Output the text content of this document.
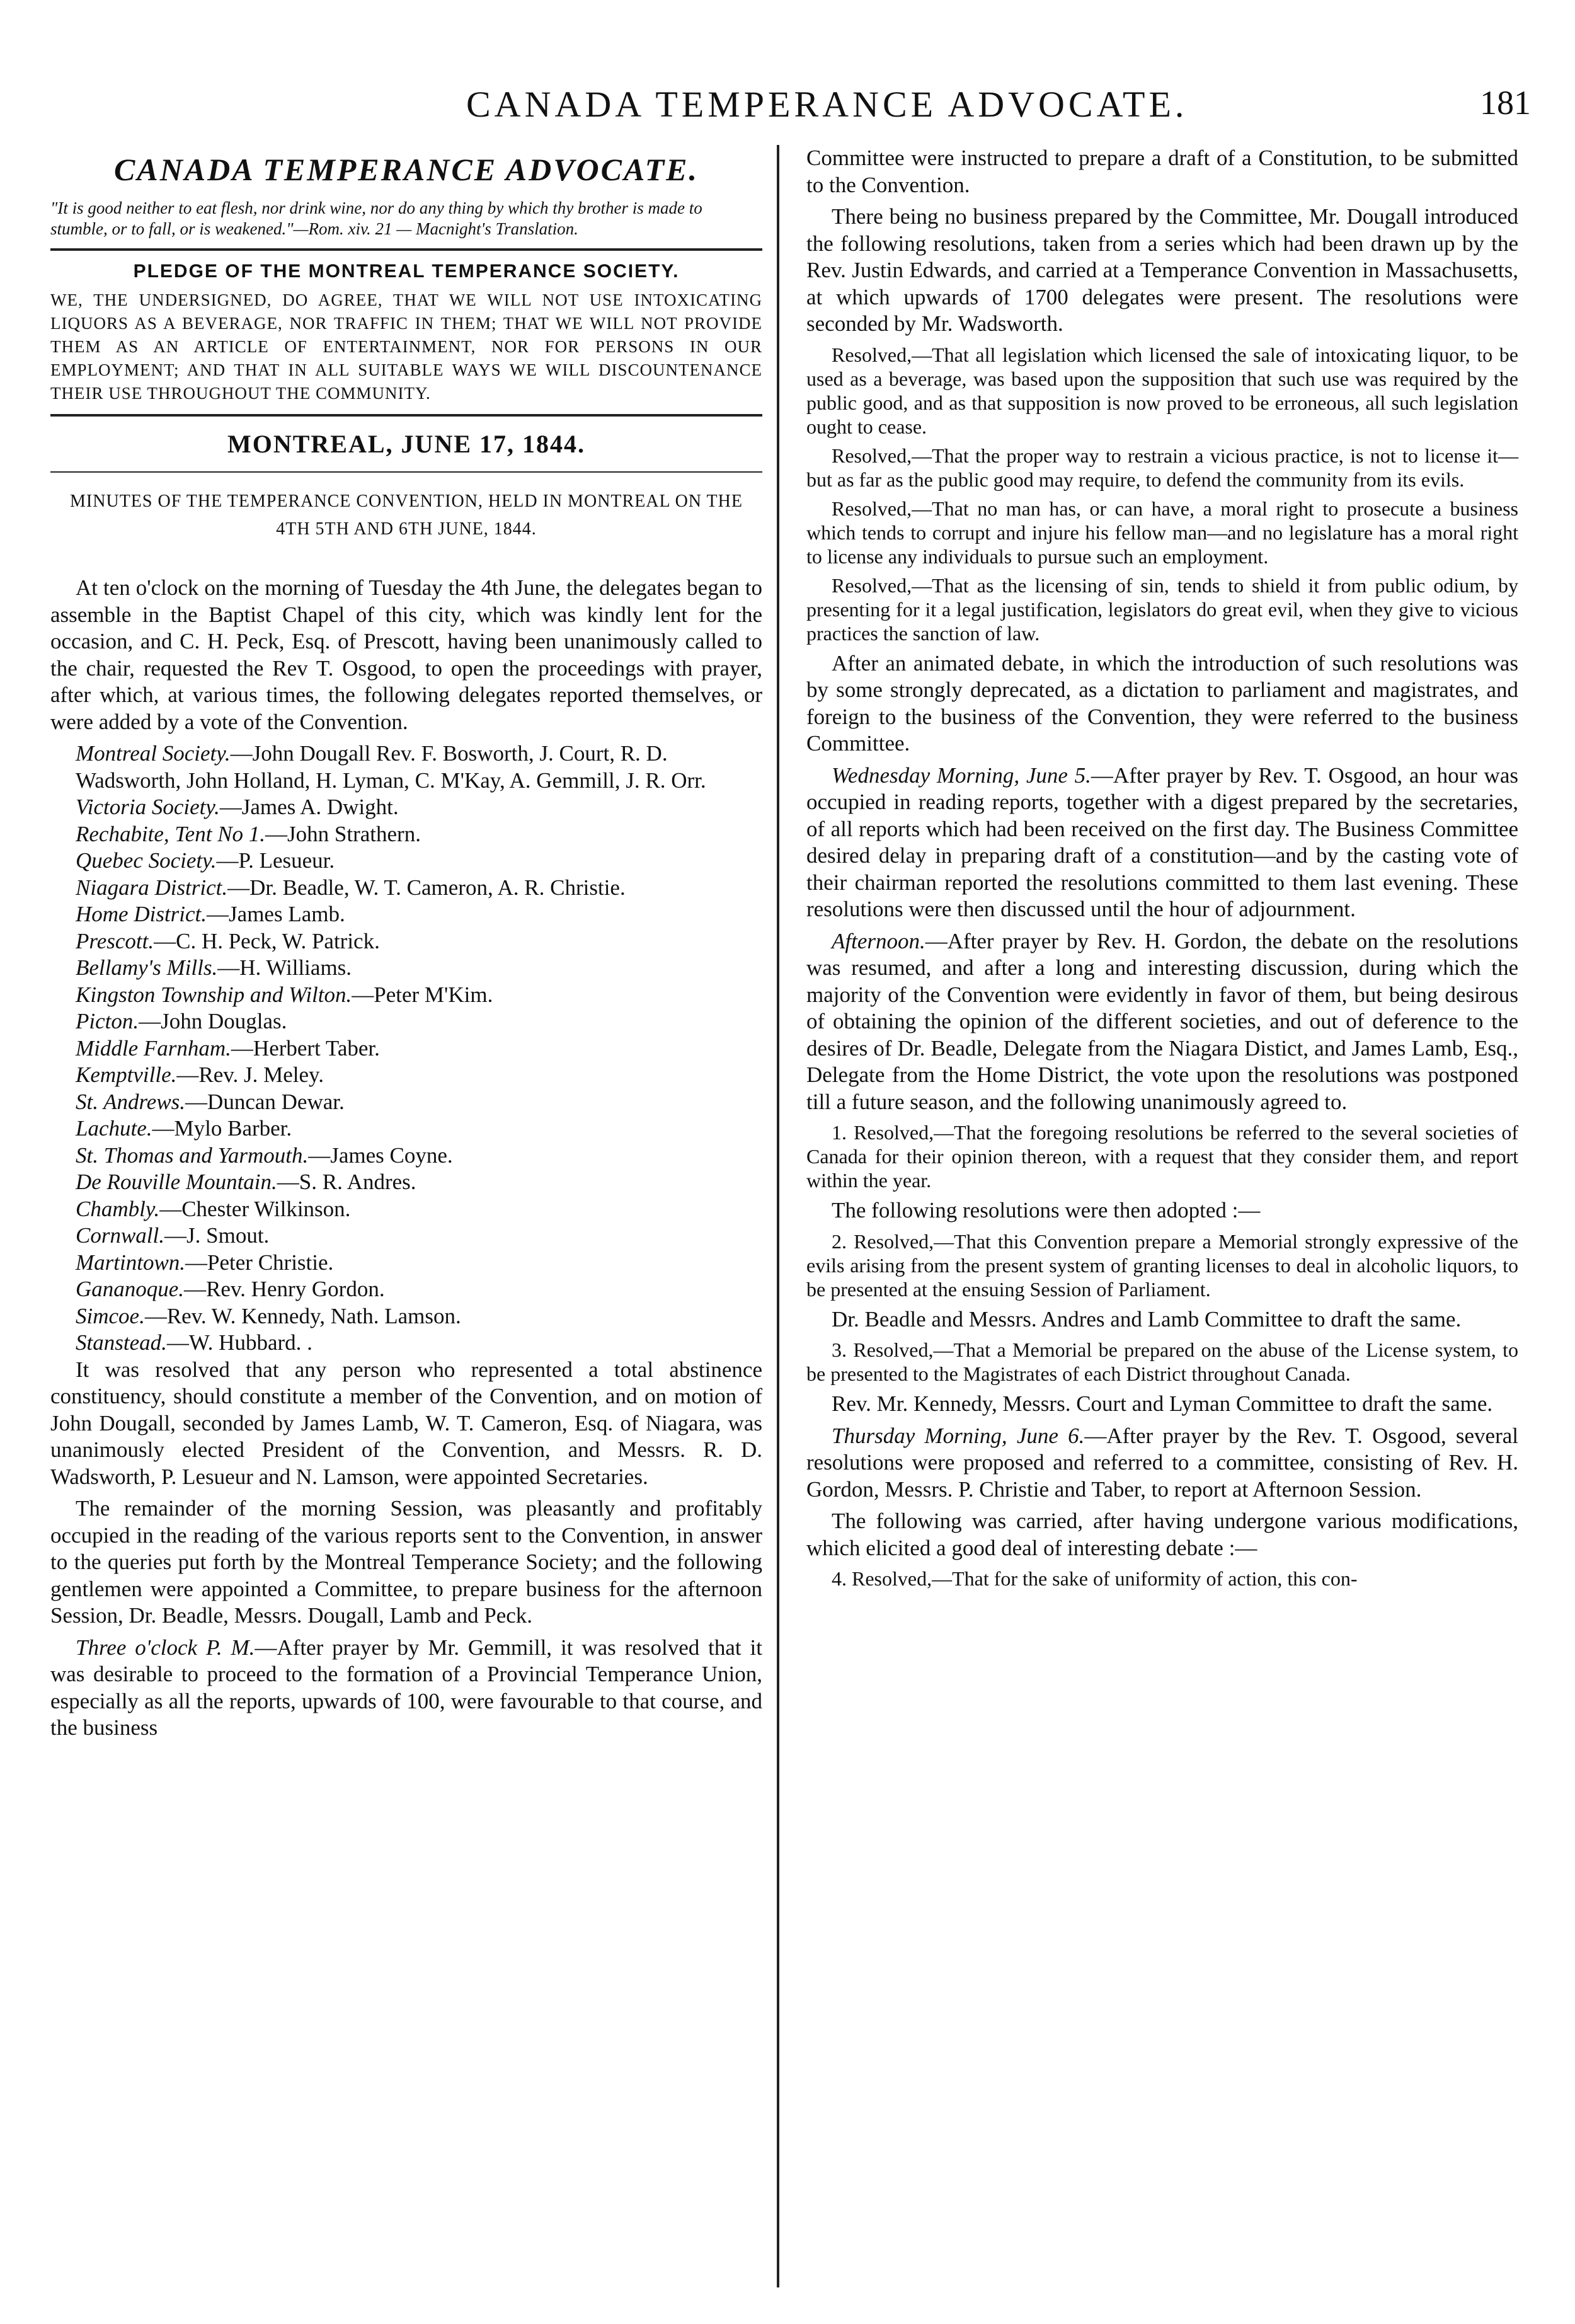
CANADA TEMPERANCE ADVOCATE.	181
CANADA TEMPERANCE ADVOCATE.
"It is good neither to eat flesh, nor drink wine, nor do any thing by which thy brother is made to stumble, or to fall, or is weakened."—Rom. xiv. 21 — Macnight's Translation.
PLEDGE OF THE MONTREAL TEMPERANCE SOCIETY.
WE, THE UNDERSIGNED, DO AGREE, THAT WE WILL NOT USE INTOXICATING LIQUORS AS A BEVERAGE, NOR TRAFFIC IN THEM; THAT WE WILL NOT PROVIDE THEM AS AN ARTICLE OF ENTERTAINMENT, NOR FOR PERSONS IN OUR EMPLOYMENT; AND THAT IN ALL SUITABLE WAYS WE WILL DISCOUNTENANCE THEIR USE THROUGHOUT THE COMMUNITY.
MONTREAL, JUNE 17, 1844.
MINUTES OF THE TEMPERANCE CONVENTION, HELD IN MONTREAL ON THE 4TH 5TH AND 6TH JUNE, 1844.

At ten o'clock on the morning of Tuesday the 4th June, the delegates began to assemble in the Baptist Chapel of this city, which was kindly lent for the occasion, and C. H. Peck, Esq. of Prescott, having been unanimously called to the chair, requested the Rev T. Osgood, to open the proceedings with prayer, after which, at various times, the following delegates reported themselves, or were added by a vote of the Convention.

Montreal Society.—John Dougall Rev. F. Bosworth, J. Court, R. D. Wadsworth, John Holland, H. Lyman, C. M'Kay, A. Gemmill, J. R. Orr.
Victoria Society.—James A. Dwight.
Rechabite, Tent No 1.—John Strathern.
Quebec Society.—P. Lesueur.
Niagara District.—Dr. Beadle, W. T. Cameron, A. R. Christie.
Home District.—James Lamb.
Prescott.—C. H. Peck, W. Patrick.
Bellamy's Mills.—H. Williams.
Kingston Township and Wilton.—Peter M'Kim.
Picton.—John Douglas.
Middle Farnham.—Herbert Taber.
Kemptville.—Rev. J. Meley.
St. Andrews.—Duncan Dewar.
Lachute.—Mylo Barber.
St. Thomas and Yarmouth.—James Coyne.
De Rouville Mountain.—S. R. Andres.
Chambly.—Chester Wilkinson.
Cornwall.—J. Smout.
Martintown.—Peter Christie.
Gananoque.—Rev. Henry Gordon.
Simcoe.—Rev. W. Kennedy, Nath. Lamson.
Stanstead.—W. Hubbard. .

It was resolved that any person who represented a total abstinence constituency, should constitute a member of the Convention, and on motion of John Dougall, seconded by James Lamb, W. T. Cameron, Esq. of Niagara, was unanimously elected President of the Convention, and Messrs. R. D. Wadsworth, P. Lesueur and N. Lamson, were appointed Secretaries.

The remainder of the morning Session, was pleasantly and profitably occupied in the reading of the various reports sent to the Convention, in answer to the queries put forth by the Montreal Temperance Society; and the following gentlemen were appointed a Committee, to prepare business for the afternoon Session, Dr. Beadle, Messrs. Dougall, Lamb and Peck.

Three o'clock P. M.—After prayer by Mr. Gemmill, it was resolved that it was desirable to proceed to the formation of a Provincial Temperance Union, especially as all the reports, upwards of 100, were favourable to that course, and the business

Committee were instructed to prepare a draft of a Constitution, to be submitted to the Convention.

There being no business prepared by the Committee, Mr. Dougall introduced the following resolutions, taken from a series which had been drawn up by the Rev. Justin Edwards, and carried at a Temperance Convention in Massachusetts, at which upwards of 1700 delegates were present. The resolutions were seconded by Mr. Wadsworth.

Resolved,—That all legislation which licensed the sale of intoxicating liquor, to be used as a beverage, was based upon the supposition that such use was required by the public good, and as that supposition is now proved to be erroneous, all such legislation ought to cease.

Resolved,—That the proper way to restrain a vicious practice, is not to license it—but as far as the public good may require, to defend the community from its evils.

Resolved,—That no man has, or can have, a moral right to prosecute a business which tends to corrupt and injure his fellow man—and no legislature has a moral right to license any individuals to pursue such an employment.

Resolved,—That as the licensing of sin, tends to shield it from public odium, by presenting for it a legal justification, legislators do great evil, when they give to vicious practices the sanction of law.

After an animated debate, in which the introduction of such resolutions was by some strongly deprecated, as a dictation to parliament and magistrates, and foreign to the business of the Convention, they were referred to the business Committee.

Wednesday Morning, June 5.—After prayer by Rev. T. Osgood, an hour was occupied in reading reports, together with a digest prepared by the secretaries, of all reports which had been received on the first day. The Business Committee desired delay in preparing draft of a constitution—and by the casting vote of their chairman reported the resolutions committed to them last evening. These resolutions were then discussed until the hour of adjournment.

Afternoon.—After prayer by Rev. H. Gordon, the debate on the resolutions was resumed, and after a long and interesting discussion, during which the majority of the Convention were evidently in favor of them, but being desirous of obtaining the opinion of the different societies, and out of deference to the desires of Dr. Beadle, Delegate from the Niagara Distict, and James Lamb, Esq., Delegate from the Home District, the vote upon the resolutions was postponed till a future season, and the following unanimously agreed to.

1. Resolved,—That the foregoing resolutions be referred to the several societies of Canada for their opinion thereon, with a request that they consider them, and report within the year.

The following resolutions were then adopted :—

2. Resolved,—That this Convention prepare a Memorial strongly expressive of the evils arising from the present system of granting licenses to deal in alcoholic liquors, to be presented at the ensuing Session of Parliament.

Dr. Beadle and Messrs. Andres and Lamb Committee to draft the same.

3. Resolved,—That a Memorial be prepared on the abuse of the License system, to be presented to the Magistrates of each District throughout Canada.

Rev. Mr. Kennedy, Messrs. Court and Lyman Committee to draft the same.

Thursday Morning, June 6.—After prayer by the Rev. T. Osgood, several resolutions were proposed and referred to a committee, consisting of Rev. H. Gordon, Messrs. P. Christie and Taber, to report at Afternoon Session.

The following was carried, after having undergone various modifications, which elicited a good deal of interesting debate :—

4. Resolved,—That for the sake of uniformity of action, this con-
